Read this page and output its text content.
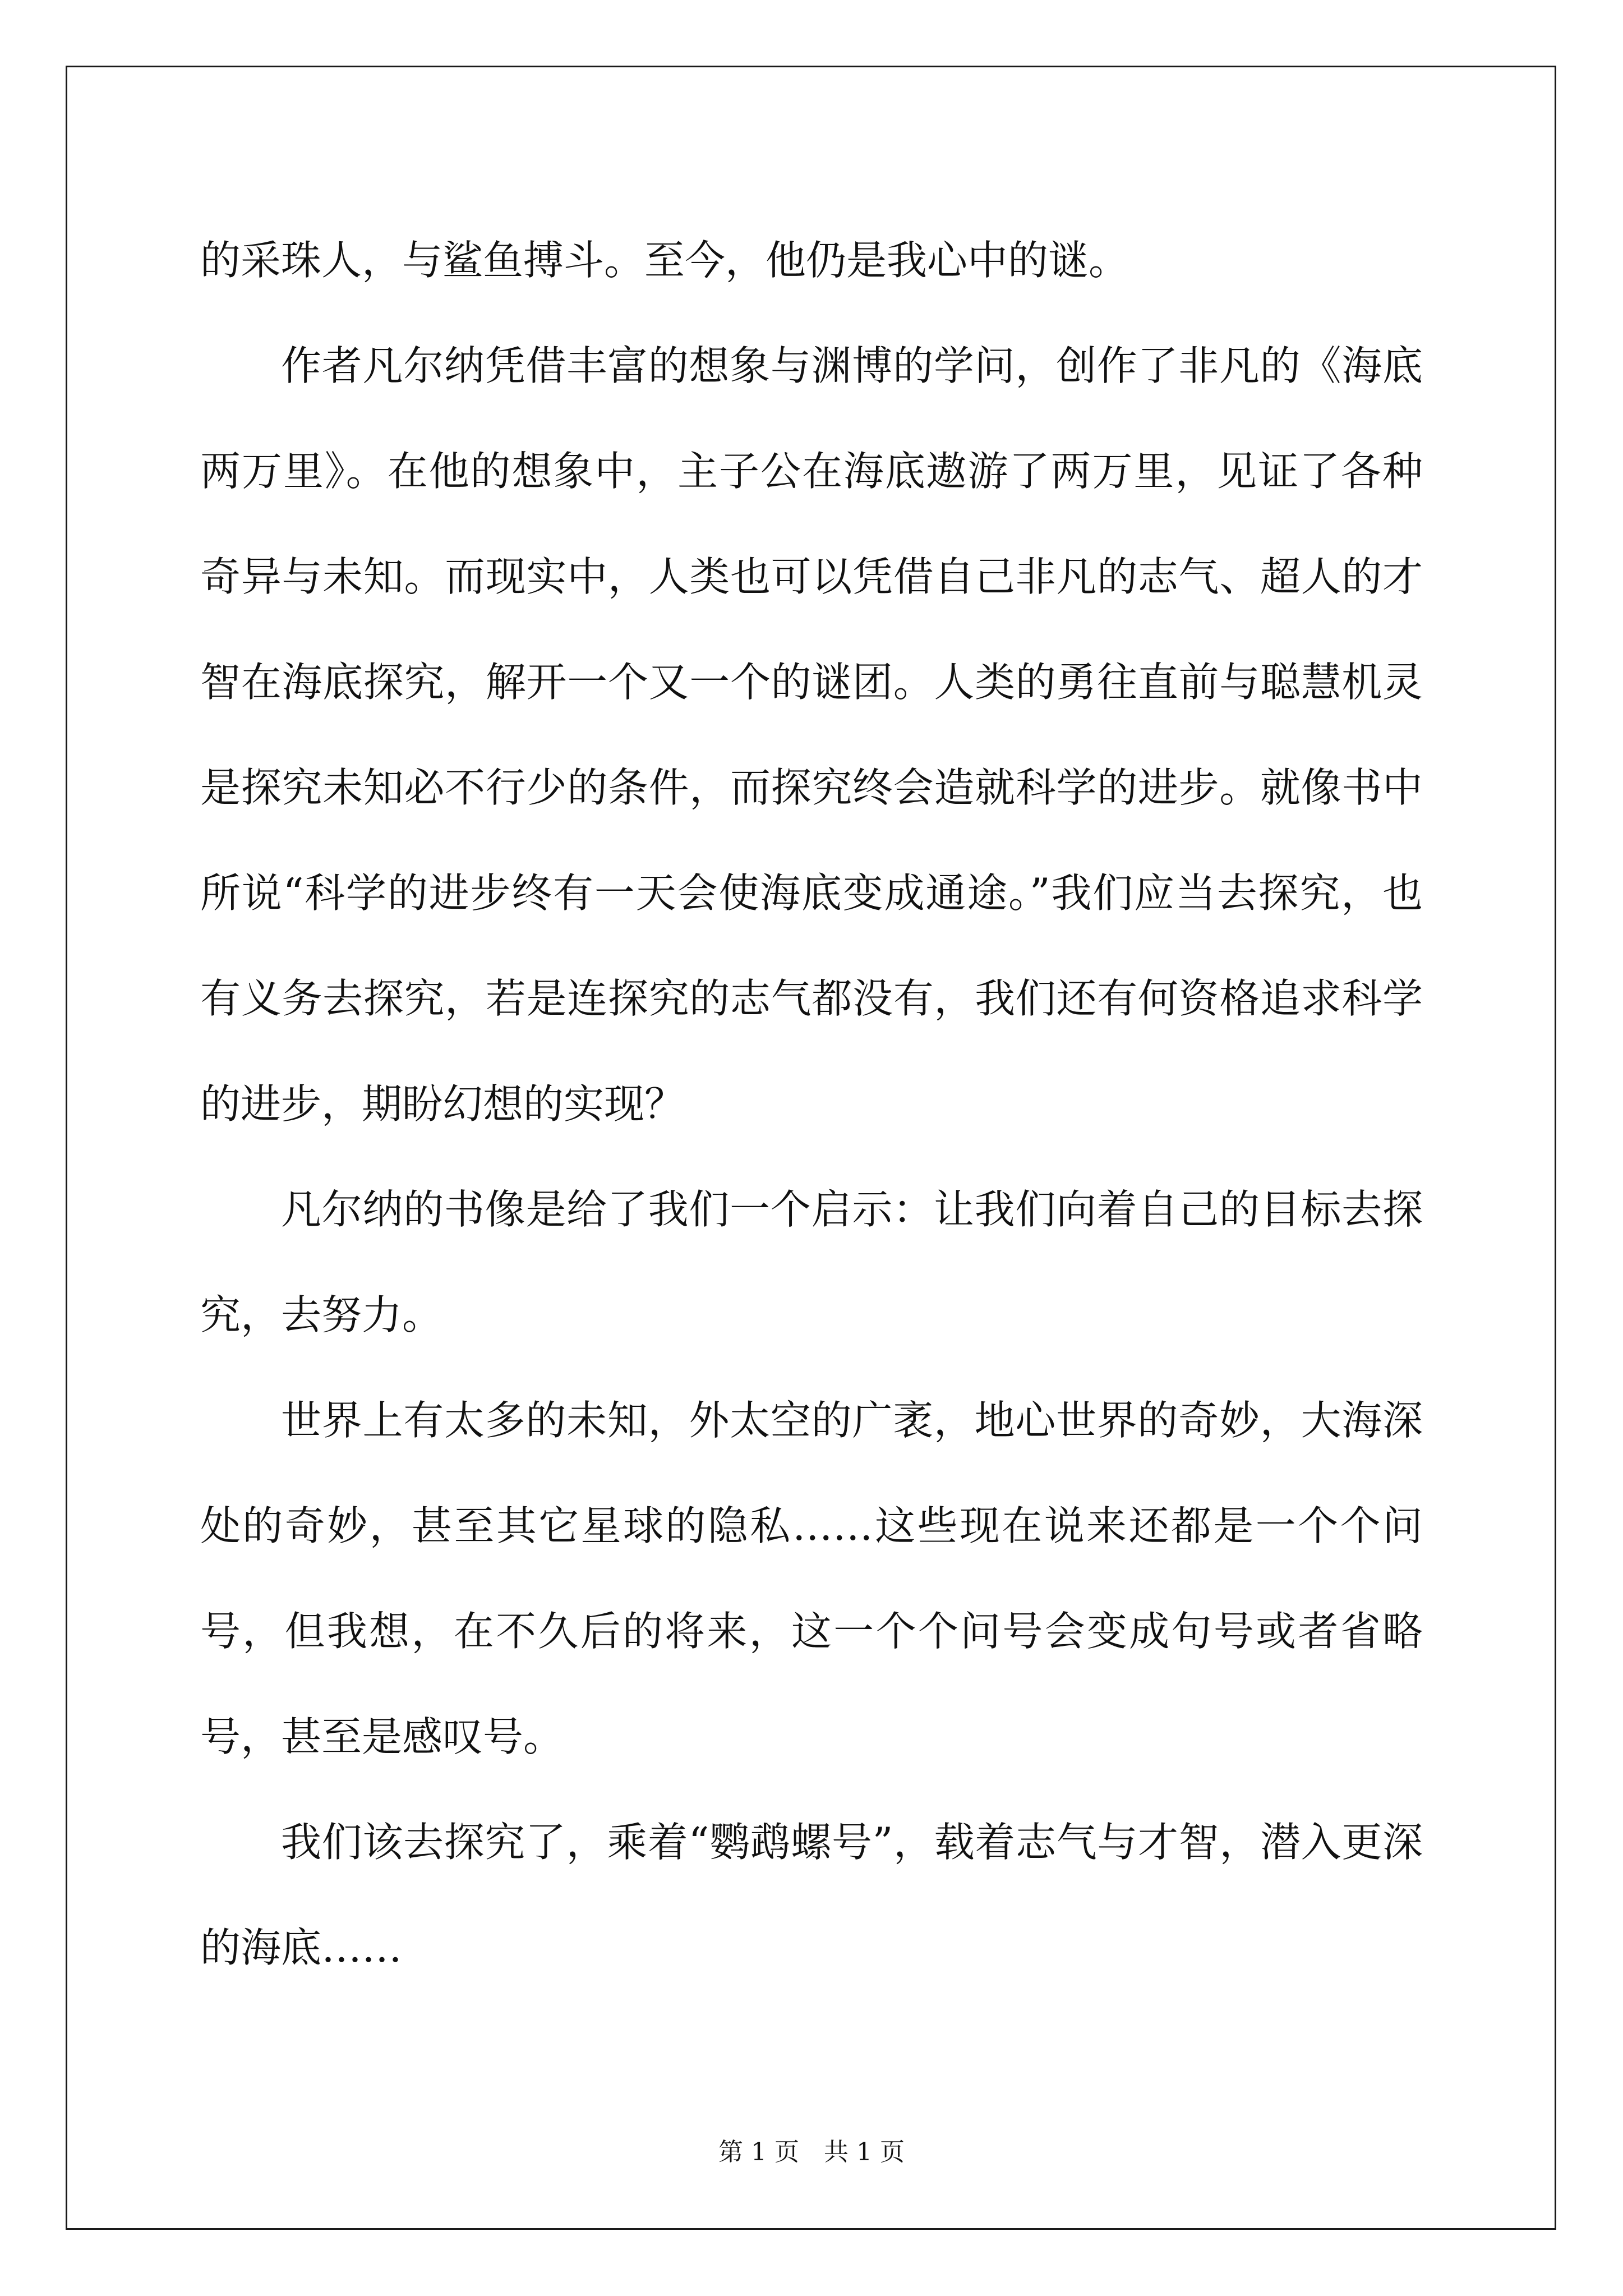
的采珠人，与鲨鱼搏斗。至今，他仍是我心中的谜。

作者凡尔纳凭借丰富的想象与渊博的学问，创作了非凡的《海底两万里》。在他的想象中，主子公在海底遨游了两万里，见证了各种奇异与未知。而现实中，人类也可以凭借自己非凡的志气、超人的才智在海底探究，解开一个又一个的谜团。人类的勇往直前与聪慧机灵是探究未知必不行少的条件，而探究终会造就科学的进步。就像书中所说“科学的进步终有一天会使海底变成通途。”我们应当去探究，也有义务去探究，若是连探究的志气都没有，我们还有何资格追求科学的进步，期盼幻想的实现？

凡尔纳的书像是给了我们一个启示：让我们向着自己的目标去探究，去努力。

世界上有太多的未知，外太空的广袤，地心世界的奇妙，大海深处的奇妙，甚至其它星球的隐私……这些现在说来还都是一个个问号，但我想，在不久后的将来，这一个个问号会变成句号或者省略号，甚至是感叹号。

我们该去探究了，乘着“鹦鹉螺号”，载着志气与才智，潜入更深的海底……

第 1 页　共 1 页
